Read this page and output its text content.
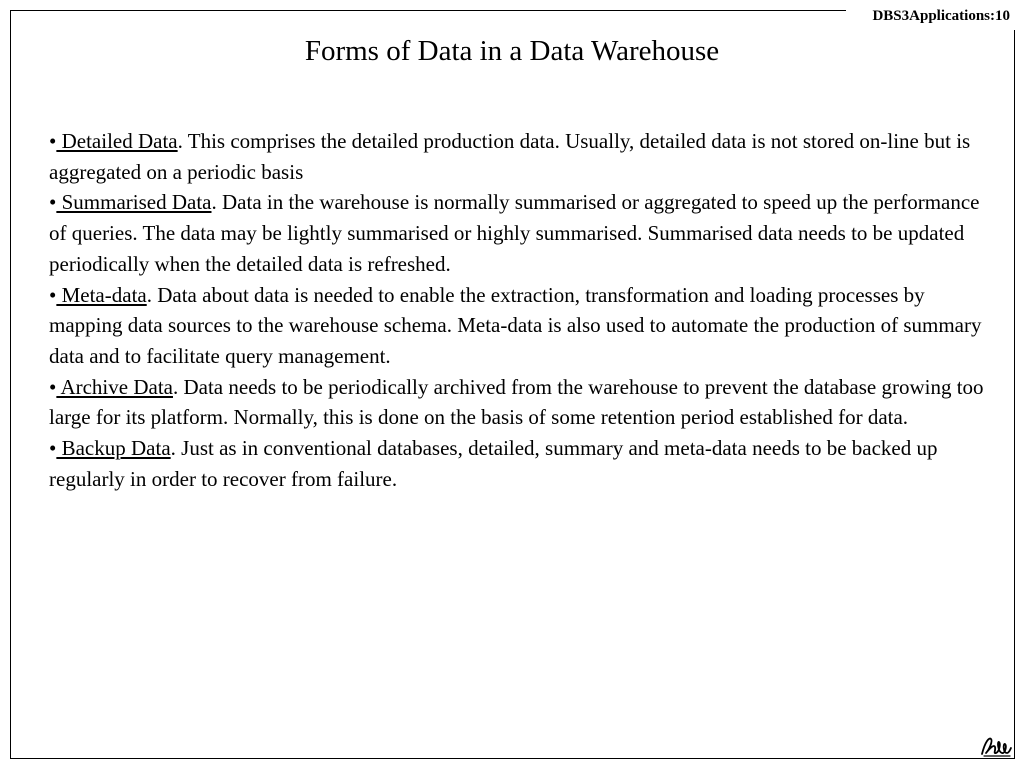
DBS3Applications:10
Forms of Data in a Data Warehouse

• Detailed Data. This comprises the detailed production data. Usually, detailed data is not stored on-line but is aggregated on a periodic basis

• Summarised Data. Data in the warehouse is normally summarised or aggregated to speed up the performance of queries. The data may be lightly summarised or highly summarised. Summarised data needs to be updated periodically when the detailed data is refreshed.

• Meta-data. Data about data is needed to enable the extraction, transformation and loading processes by mapping data sources to the warehouse schema. Meta-data is also used to automate the production of summary data and to facilitate query management.

• Archive Data. Data needs to be periodically archived from the warehouse to prevent the database growing too large for its platform. Normally, this is done on the basis of some retention period established for data.

• Backup Data. Just as in conventional databases, detailed, summary and meta-data needs to be backed up regularly in order to recover from failure.
